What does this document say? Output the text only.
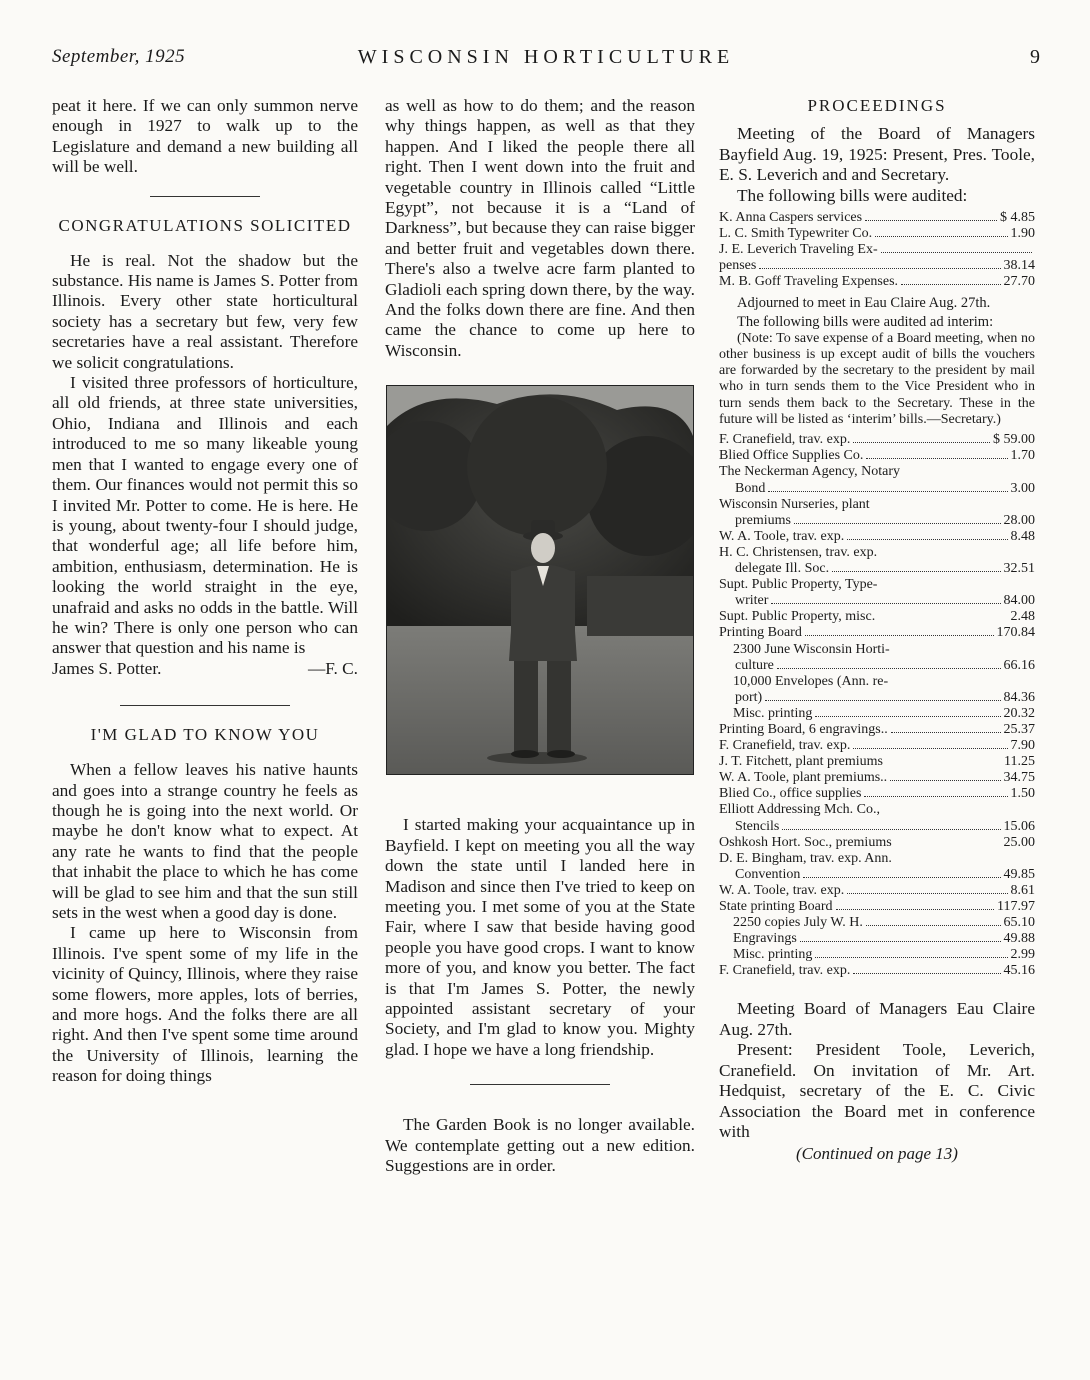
September, 1925	WISCONSIN HORTICULTURE	9

peat it here. If we can only summon nerve enough in 1927 to walk up to the Legislature and demand a new building all will be well.

CONGRATULATIONS SOLICITED

He is real. Not the shadow but the substance. His name is James S. Potter from Illinois. Every other state horticultural society has a secretary but few, very few secretaries have a real assistant. Therefore we solicit congratulations.

I visited three professors of horticulture, all old friends, at three state universities, Ohio, Indiana and Illinois and each introduced to me so many likeable young men that I wanted to engage every one of them. Our finances would not permit this so I invited Mr. Potter to come. He is here. He is young, about twenty-four I should judge, that wonderful age; all life before him, ambition, enthusiasm, determination. He is looking the world straight in the eye, unafraid and asks no odds in the battle. Will he win? There is only one person who can answer that question and his name is

James S. Potter.	—F. C.
I'M GLAD TO KNOW YOU

When a fellow leaves his native haunts and goes into a strange country he feels as though he is going into the next world. Or maybe he don't know what to expect. At any rate he wants to find that the people that inhabit the place to which he has come will be glad to see him and that the sun still sets in the west when a good day is done.

I came up here to Wisconsin from Illinois. I've spent some of my life in the vicinity of Quincy, Illinois, where they raise some flowers, more apples, lots of berries, and more hogs. And the folks there are all right. And then I've spent some time around the University of Illinois, learning the reason for doing things

as well as how to do them; and the reason why things happen, as well as that they happen. And I liked the people there all right. Then I went down into the fruit and vegetable country in Illinois called “Little Egypt”, not because it is a “Land of Darkness”, but because they can raise bigger and better fruit and vegetables down there. There's also a twelve acre farm planted to Gladioli each spring down there, by the way. And the folks down there are fine. And then came the chance to come up here to Wisconsin.

I started making your acquaintance up in Bayfield. I kept on meeting you all the way down the state until I landed here in Madison and since then I've tried to keep on meeting you. I met some of you at the State Fair, where I saw that beside having good people you have good crops. I want to know more of you, and know you better. The fact is that I'm James S. Potter, the newly appointed assistant secretary of your Society, and I'm glad to know you. Mighty glad. I hope we have a long friendship.

The Garden Book is no longer available. We contemplate getting out a new edition. Suggestions are in order.

PROCEEDINGS

Meeting of the Board of Managers Bayfield Aug. 19, 1925: Present, Pres. Toole, E. S. Leverich and and Secretary.

The following bills were audited:

K. Anna Caspers services	$ 4.85
L. C. Smith Typewriter Co.	1.90
J. E. Leverich Traveling Ex-
penses	38.14
M. B. Goff Traveling Expenses.	27.70

Adjourned to meet in Eau Claire Aug. 27th.

The following bills were audited ad interim:

(Note: To save expense of a Board meeting, when no other business is up except audit of bills the vouchers are forwarded by the secretary to the president by mail who in turn sends them to the Vice President who in turn sends them back to the Secretary. These in the future will be listed as ‘interim’ bills.—Secretary.)

F. Cranefield, trav. exp.	$ 59.00
Blied Office Supplies Co.	1.70
The Neckerman Agency, Notary
Bond	3.00
Wisconsin Nurseries, plant
premiums	28.00
W. A. Toole, trav. exp.	8.48
H. C. Christensen, trav. exp.
delegate Ill. Soc.	32.51
Supt. Public Property, Type-
writer	84.00
Supt. Public Property, misc.	2.48
Printing Board	170.84
2300 June Wisconsin Horti-
culture	66.16
10,000 Envelopes (Ann. re-
port)	84.36
Misc. printing	20.32
Printing Board, 6 engravings..	25.37
F. Cranefield, trav. exp.	7.90
J. T. Fitchett, plant premiums	11.25
W. A. Toole, plant premiums..	34.75
Blied Co., office supplies	1.50
Elliott Addressing Mch. Co.,
Stencils	15.06
Oshkosh Hort. Soc., premiums	25.00
D. E. Bingham, trav. exp. Ann.
Convention	49.85
W. A. Toole, trav. exp.	8.61
State printing Board	117.97
2250 copies July W. H.	65.10
Engravings	49.88
Misc. printing	2.99
F. Cranefield, trav. exp.	45.16

Meeting Board of Managers Eau Claire Aug. 27th.

Present: President Toole, Leverich, Cranefield. On invitation of Mr. Art. Hedquist, secretary of the E. C. Civic Association the Board met in conference with

(Continued on page 13)
